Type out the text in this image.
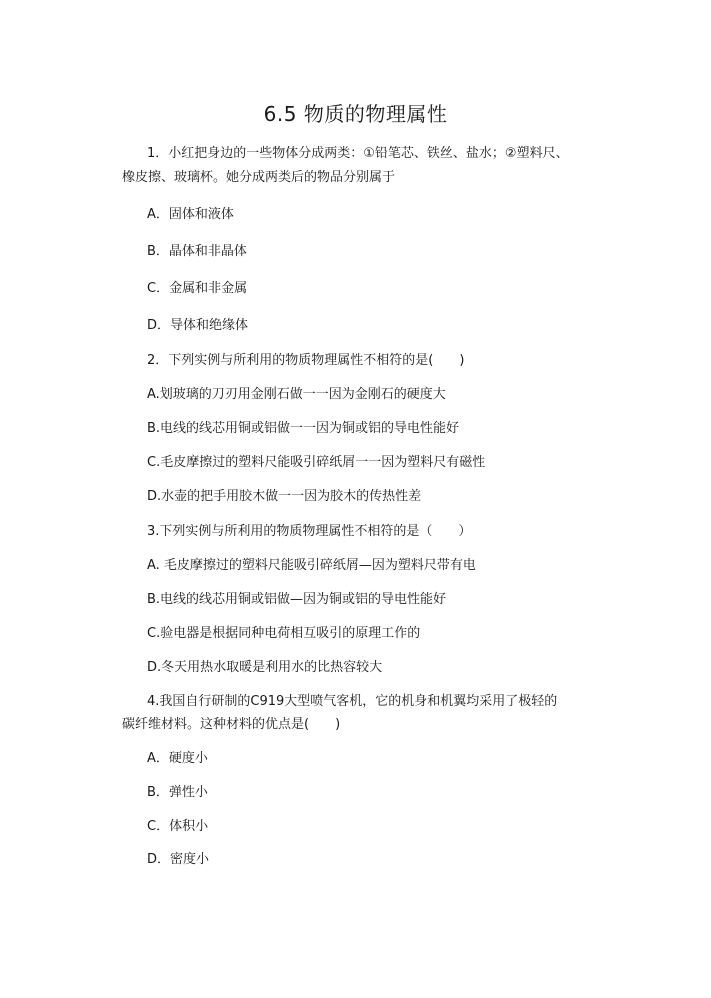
6.5 物质的物理属性
1．小红把身边的一些物体分成两类：①铅笔芯、铁丝、盐水；②塑料尺、
橡皮擦、玻璃杯。她分成两类后的物品分别属于
A．固体和液体
B．晶体和非晶体
C．金属和非金属
D．导体和绝缘体
2．下列实例与所利用的物质物理属性不相符的是(　　)
A.划玻璃的刀刃用金刚石做一一因为金刚石的硬度大
B.电线的线芯用铜或铝做一一因为铜或铝的导电性能好
C.毛皮摩擦过的塑料尺能吸引碎纸屑一一因为塑料尺有磁性
D.水壶的把手用胶木做一一因为胶木的传热性差
3.下列实例与所利用的物质物理属性不相符的是（　　）
A. 毛皮摩擦过的塑料尺能吸引碎纸屑—因为塑料尺带有电
B.电线的线芯用铜或铝做—因为铜或铝的导电性能好
C.验电器是根据同种电荷相互吸引的原理工作的
D.冬天用热水取暖是利用水的比热容较大
4.我国自行研制的C919大型喷气客机，它的机身和机翼均采用了极轻的
碳纤维材料。这种材料的优点是(　　)
A．硬度小
B．弹性小
C．体积小
D．密度小
